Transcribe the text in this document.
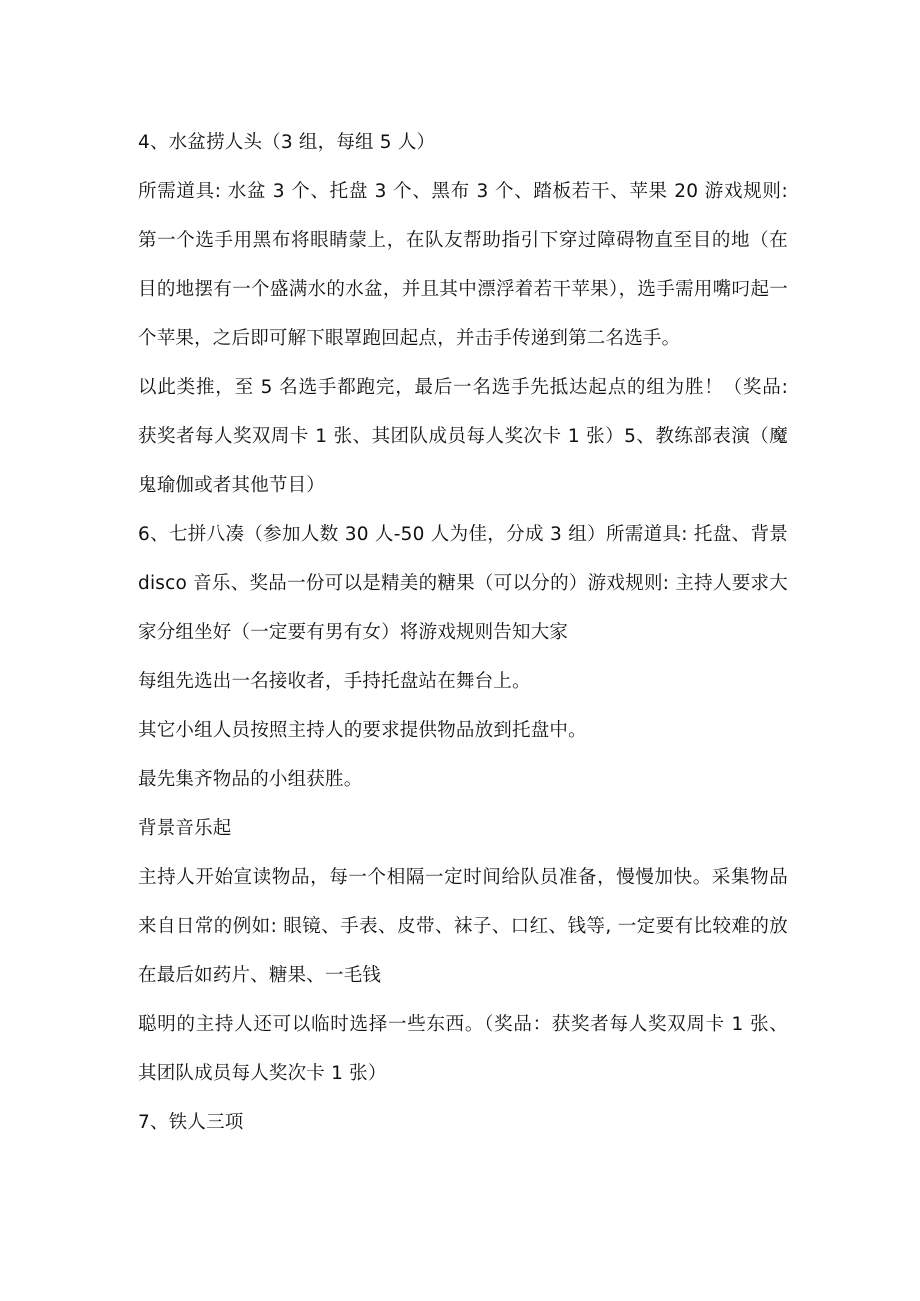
4、水盆捞人头（3 组，每组 5 人）

所需道具: 水盆 3 个、托盘 3 个、黑布 3 个、踏板若干、苹果 20 游戏规则: 第一个选手用黑布将眼睛蒙上，在队友帮助指引下穿过障碍物直至目的地（在目的地摆有一个盛满水的水盆，并且其中漂浮着若干苹果），选手需用嘴叼起一个苹果，之后即可解下眼罩跑回起点，并击手传递到第二名选手。

以此类推，至 5 名选手都跑完，最后一名选手先抵达起点的组为胜！（奖品: 获奖者每人奖双周卡 1 张、其团队成员每人奖次卡 1 张）5、教练部表演（魔鬼瑜伽或者其他节目）

6、七拼八凑（参加人数 30 人-50 人为佳，分成 3 组）所需道具: 托盘、背景 disco 音乐、奖品一份可以是精美的糖果（可以分的）游戏规则: 主持人要求大家分组坐好（一定要有男有女）将游戏规则告知大家

每组先选出一名接收者，手持托盘站在舞台上。

其它小组人员按照主持人的要求提供物品放到托盘中。

最先集齐物品的小组获胜。

背景音乐起

主持人开始宣读物品，每一个相隔一定时间给队员准备，慢慢加快。采集物品来自日常的例如: 眼镜、手表、皮带、袜子、口红、钱等, 一定要有比较难的放在最后如药片、糖果、一毛钱

聪明的主持人还可以临时选择一些东西。（奖品：获奖者每人奖双周卡 1 张、其团队成员每人奖次卡 1 张）

7、铁人三项
